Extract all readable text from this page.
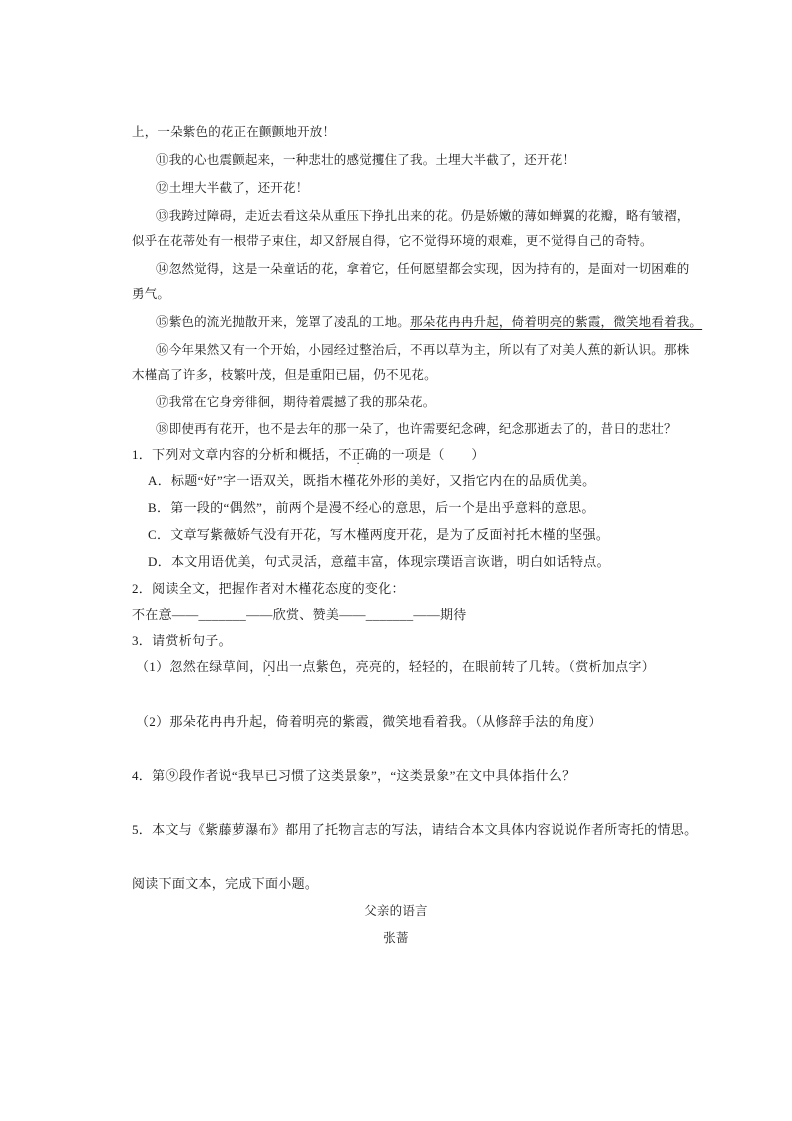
上，一朵紫色的花正在颤颤地开放！
⑪我的心也震颤起来，一种悲壮的感觉攫住了我。土埋大半截了，还开花！
⑫土埋大半截了，还开花！
⑬我跨过障碍，走近去看这朵从重压下挣扎出来的花。仍是娇嫩的薄如蝉翼的花瓣，略有皱褶，
似乎在花蒂处有一根带子束住，却又舒展自得，它不觉得环境的艰难，更不觉得自己的奇特。
⑭忽然觉得，这是一朵童话的花，拿着它，任何愿望都会实现，因为持有的，是面对一切困难的
勇气。
⑮紫色的流光抛散开来，笼罩了凌乱的工地。那朵花冉冉升起，倚着明亮的紫霞，微笑地看着我。
⑯今年果然又有一个开始，小园经过整治后，不再以草为主，所以有了对美人蕉的新认识。那株
木槿高了许多，枝繁叶茂，但是重阳已届，仍不见花。
⑰我常在它身旁徘徊，期待着震撼了我的那朵花。
⑱即使再有花开，也不是去年的那一朵了，也许需要纪念碑，纪念那逝去了的，昔日的悲壮？
1．下列对文章内容的分析和概括，不正确的一项是（　　）
A．标题“好”字一语双关，既指木槿花外形的美好，又指它内在的品质优美。
B．第一段的“偶然”，前两个是漫不经心的意思，后一个是出乎意料的意思。
C．文章写紫薇娇气没有开花，写木槿两度开花，是为了反面衬托木槿的坚强。
D．本文用语优美，句式灵活，意蕴丰富，体现宗璞语言诙谐，明白如话特点。
2．阅读全文，把握作者对木槿花态度的变化：
不在意——_______——欣赏、赞美——_______——期待
3．请赏析句子。
（1）忽然在绿草间，闪出一点紫色，亮亮的，轻轻的，在眼前转了几转。（赏析加点字）
（2）那朵花冉冉升起，倚着明亮的紫霞，微笑地看着我。（从修辞手法的角度）
4．第⑨段作者说“我早已习惯了这类景象”，“这类景象”在文中具体指什么？
5．本文与《紫藤萝瀑布》都用了托物言志的写法，请结合本文具体内容说说作者所寄托的情思。
阅读下面文本，完成下面小题。
父亲的语言
张蔷
